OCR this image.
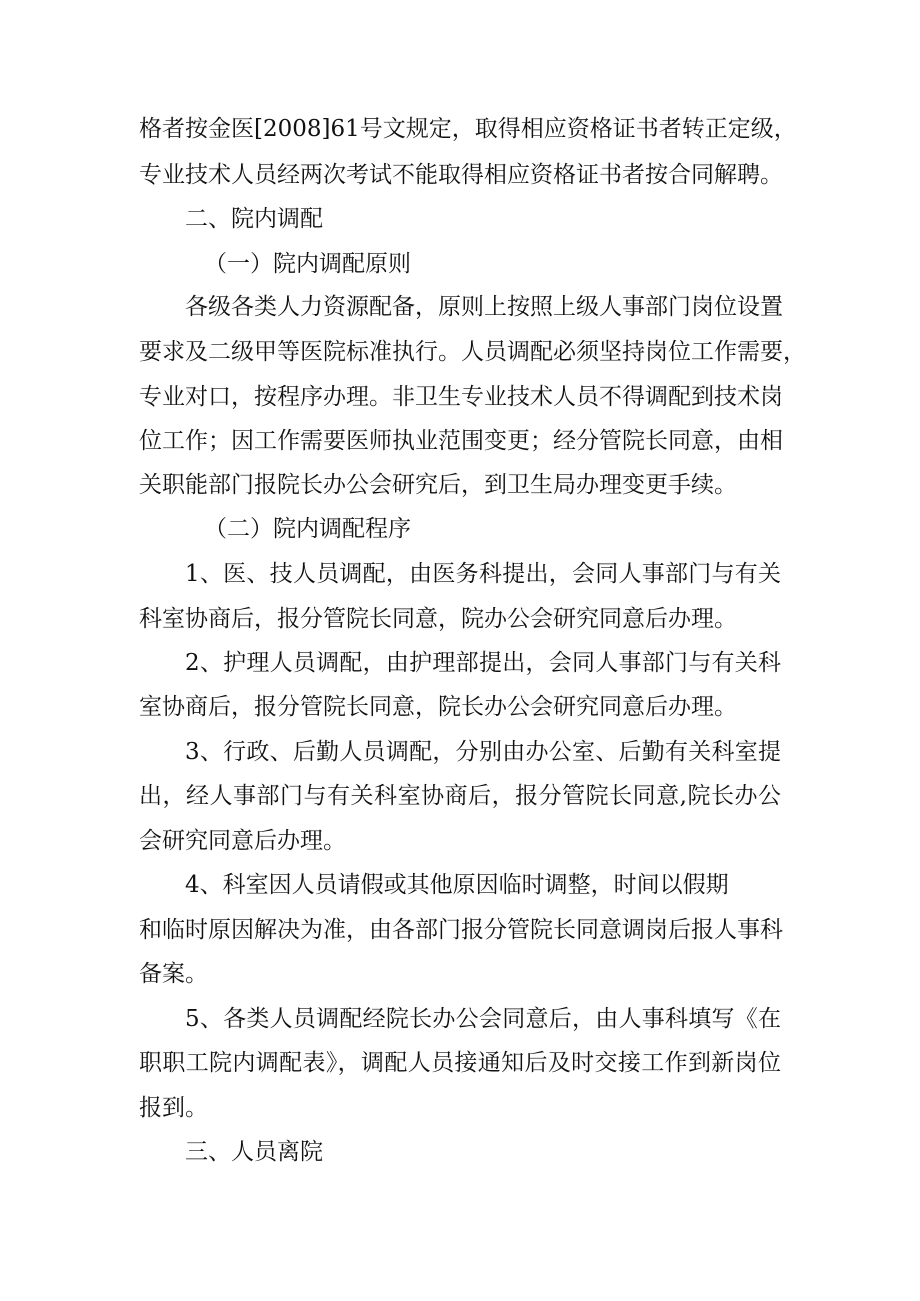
格者按金医[2008]61号文规定，取得相应资格证书者转正定级，
专业技术人员经两次考试不能取得相应资格证书者按合同解聘。
二、院内调配
（一）院内调配原则
各级各类人力资源配备，原则上按照上级人事部门岗位设置
要求及二级甲等医院标准执行。人员调配必须坚持岗位工作需要，
专业对口，按程序办理。非卫生专业技术人员不得调配到技术岗
位工作；因工作需要医师执业范围变更；经分管院长同意，由相
关职能部门报院长办公会研究后，到卫生局办理变更手续。
（二）院内调配程序
1、医、技人员调配，由医务科提出，会同人事部门与有关
科室协商后，报分管院长同意，院办公会研究同意后办理。
2、护理人员调配，由护理部提出，会同人事部门与有关科
室协商后，报分管院长同意，院长办公会研究同意后办理。
3、行政、后勤人员调配，分别由办公室、后勤有关科室提
出，经人事部门与有关科室协商后，报分管院长同意,院长办公
会研究同意后办理。
4、科室因人员请假或其他原因临时调整，时间以假期
和临时原因解决为准，由各部门报分管院长同意调岗后报人事科
备案。
5、各类人员调配经院长办公会同意后，由人事科填写《在
职职工院内调配表》，调配人员接通知后及时交接工作到新岗位
报到。
三、人员离院
